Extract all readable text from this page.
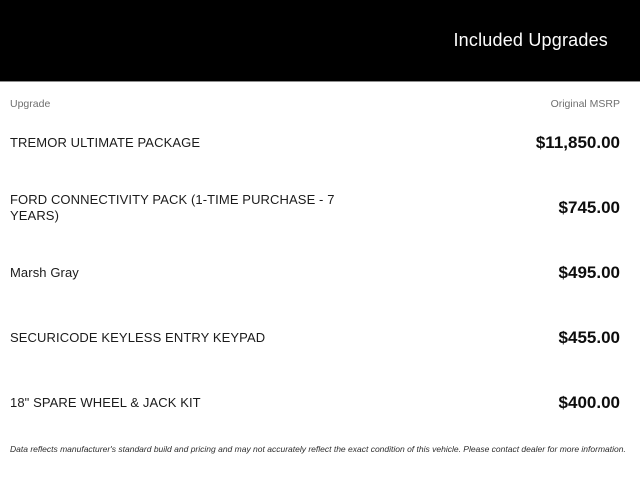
Included Upgrades
Upgrade	Original MSRP
TREMOR ULTIMATE PACKAGE	$11,850.00
FORD CONNECTIVITY PACK (1-TIME PURCHASE - 7 YEARS)	$745.00
Marsh Gray	$495.00
SECURICODE KEYLESS ENTRY KEYPAD	$455.00
18" SPARE WHEEL & JACK KIT	$400.00

Data reflects manufacturer's standard build and pricing and may not accurately reflect the exact condition of this vehicle. Please contact dealer for more information.
